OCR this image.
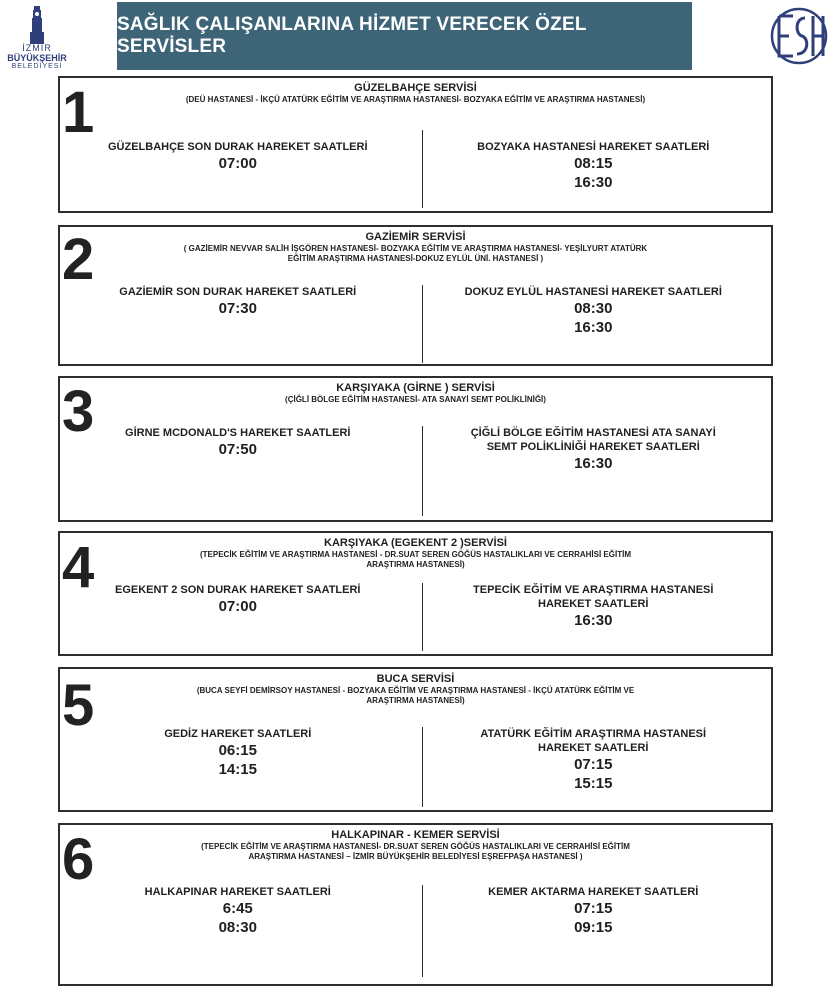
İZMİR
BÜYÜKŞEHİR
BELEDİYESİ
SAĞLIK ÇALIŞANLARINA HİZMET VERECEK ÖZEL SERVİSLER
GÜZELBAHÇE SERVİSİ
(DEÜ HASTANESİ - İKÇÜ ATATÜRK EĞİTİM VE ARAŞTIRMA HASTANESİ- BOZYAKA EĞİTİM VE ARAŞTIRMA HASTANESİ)
GÜZELBAHÇE SON DURAK HAREKET SAATLERİ
07:00
BOZYAKA HASTANESİ HAREKET SAATLERİ
08:15
16:30
1
GAZİEMİR SERVİSİ
( GAZİEMİR NEVVAR SALİH İŞGÖREN HASTANESİ- BOZYAKA EĞİTİM VE ARAŞTIRMA HASTANESİ- YEŞİLYURT ATATÜRK EĞİTİM ARAŞTIRMA HASTANESİ-DOKUZ EYLÜL ÜNİ. HASTANESİ )
GAZİEMİR SON DURAK HAREKET SAATLERİ
07:30
DOKUZ EYLÜL HASTANESİ HAREKET SAATLERİ
08:30
16:30
2
KARŞIYAKA (GİRNE ) SERVİSİ
(ÇİĞLİ BÖLGE EĞİTİM HASTANESİ- ATA SANAYİ SEMT POLİKLİNİĞİ)
GİRNE MCDONALD'S HAREKET SAATLERİ
07:50
ÇİĞLİ BÖLGE EĞİTİM HASTANESİ ATA SANAYİ SEMT POLİKLİNİĞİ HAREKET SAATLERİ
16:30
3
KARŞIYAKA (EGEKENT 2 )SERVİSİ
(TEPECİK EĞİTİM VE ARAŞTIRMA HASTANESİ - DR.SUAT SEREN GÖĞÜS HASTALIKLARI VE CERRAHİSİ EĞİTİM ARAŞTIRMA HASTANESİ)
EGEKENT 2 SON DURAK HAREKET SAATLERİ
07:00
TEPECİK EĞİTİM VE ARAŞTIRMA HASTANESİ HAREKET SAATLERİ
16:30
4
BUCA SERVİSİ
(BUCA SEYFİ DEMİRSOY HASTANESİ - BOZYAKA EĞİTİM VE ARAŞTIRMA HASTANESİ - İKÇÜ ATATÜRK EĞİTİM VE ARAŞTIRMA HASTANESİ)
GEDİZ HAREKET SAATLERİ
06:15
14:15
ATATÜRK EĞİTİM ARAŞTIRMA HASTANESİ HAREKET SAATLERİ
07:15
15:15
5
HALKAPINAR - KEMER SERVİSİ
(TEPECİK EĞİTİM VE ARAŞTIRMA HASTANESİ- DR.SUAT SEREN GÖĞÜS HASTALIKLARI VE CERRAHİSİ EĞİTİM ARAŞTIRMA HASTANESİ – İZMİR BÜYÜKŞEHİR BELEDİYESİ EŞREFPAŞA HASTANESİ )
HALKAPINAR HAREKET SAATLERİ
6:45
08:30
KEMER AKTARMA HAREKET SAATLERİ
07:15
09:15
6
